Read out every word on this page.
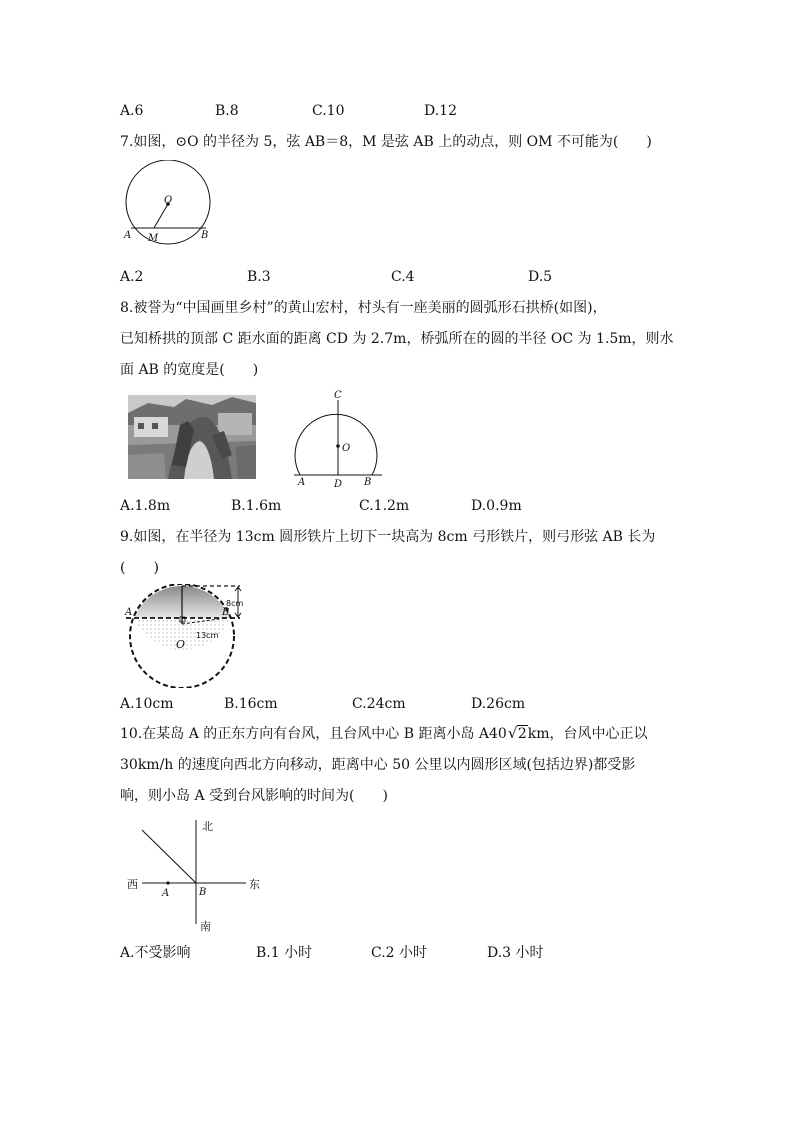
A.6	B.8	C.10	D.12
7.如图，⊙O 的半径为 5，弦 AB＝8，M 是弦 AB 上的动点，则 OM 不可能为(　　)
O
A M	B
A.2	B.3	C.4	D.5
8.被誉为“中国画里乡村”的黄山宏村，村头有一座美丽的圆弧形石拱桥(如图)，
已知桥拱的顶部 C 距水面的距离 CD 为 2.7m，桥弧所在的圆的半径 OC 为 1.5m，则水
面 AB 的宽度是(　　)
C
O
A	D B
A.1.8m	B.1.6m	C.1.2m	D.0.9m
9.如图，在半径为 13cm 圆形铁片上切下一块高为 8cm 弓形铁片，则弓形弦 AB 长为
(　　)
A	B
O
8cm
13cm
A.10cm	B.16cm	C.24cm	D.26cm
10.在某岛 A 的正东方向有台风，且台风中心 B 距离小岛 A40 √ 2km，台风中心正以
30km/h 的速度向西北方向移动，距离中心 50 公里以内圆形区域(包括边界)都受影
响，则小岛 A 受到台风影响的时间为(　　)
北
南
西	东
A	B
A.不受影响	B.1 小时	C.2 小时	D.3 小时
